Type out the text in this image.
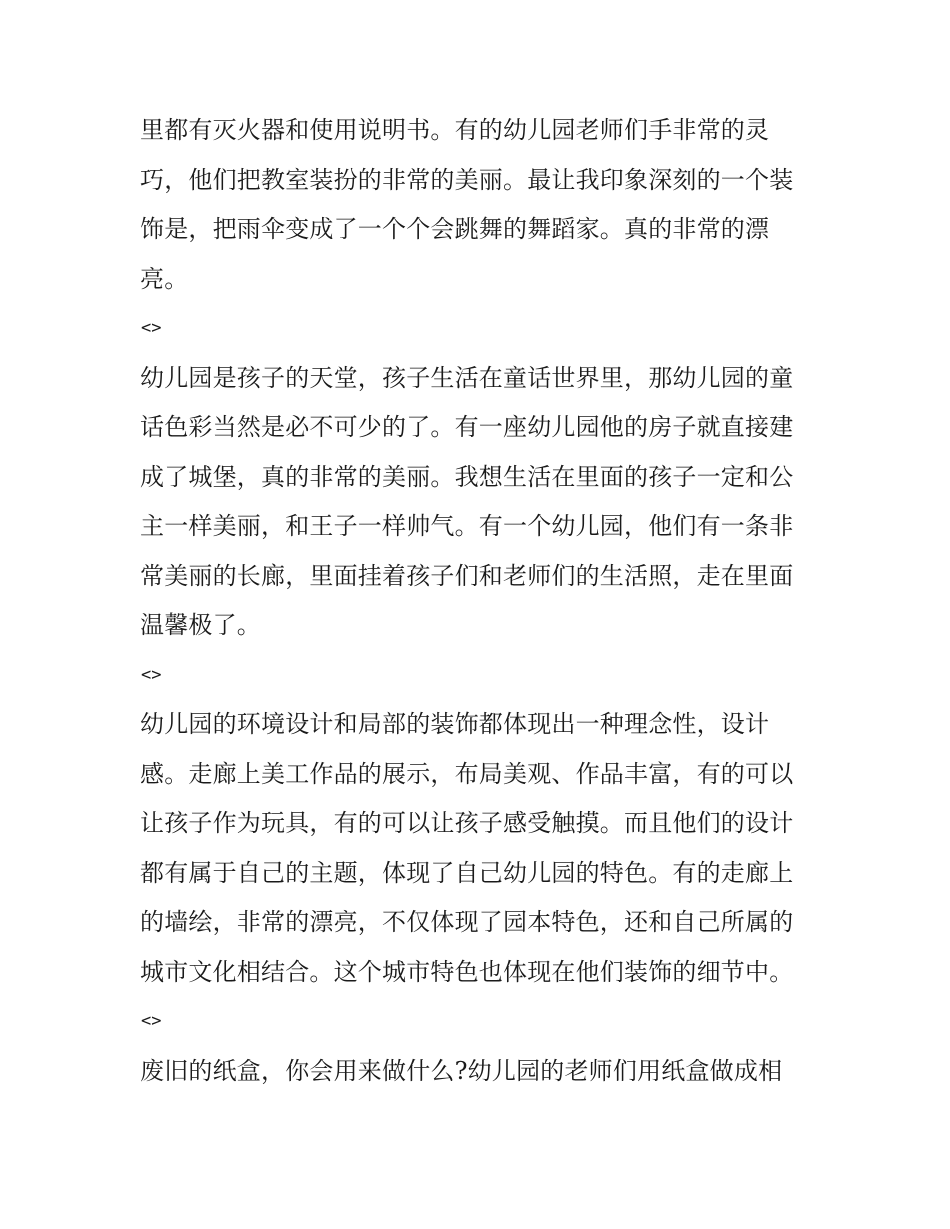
里都有灭火器和使用说明书。有的幼儿园老师们手非常的灵
巧，他们把教室装扮的非常的美丽。最让我印象深刻的一个装
饰是，把雨伞变成了一个个会跳舞的舞蹈家。真的非常的漂
亮。
<>
幼儿园是孩子的天堂，孩子生活在童话世界里，那幼儿园的童
话色彩当然是必不可少的了。有一座幼儿园他的房子就直接建
成了城堡，真的非常的美丽。我想生活在里面的孩子一定和公
主一样美丽，和王子一样帅气。有一个幼儿园，他们有一条非
常美丽的长廊，里面挂着孩子们和老师们的生活照，走在里面
温馨极了。
<>
幼儿园的环境设计和局部的装饰都体现出一种理念性，设计
感。走廊上美工作品的展示，布局美观、作品丰富，有的可以
让孩子作为玩具，有的可以让孩子感受触摸。而且他们的设计
都有属于自己的主题，体现了自己幼儿园的特色。有的走廊上
的墙绘，非常的漂亮，不仅体现了园本特色，还和自己所属的
城市文化相结合。这个城市特色也体现在他们装饰的细节中。
<>
废旧的纸盒，你会用来做什么?幼儿园的老师们用纸盒做成相
